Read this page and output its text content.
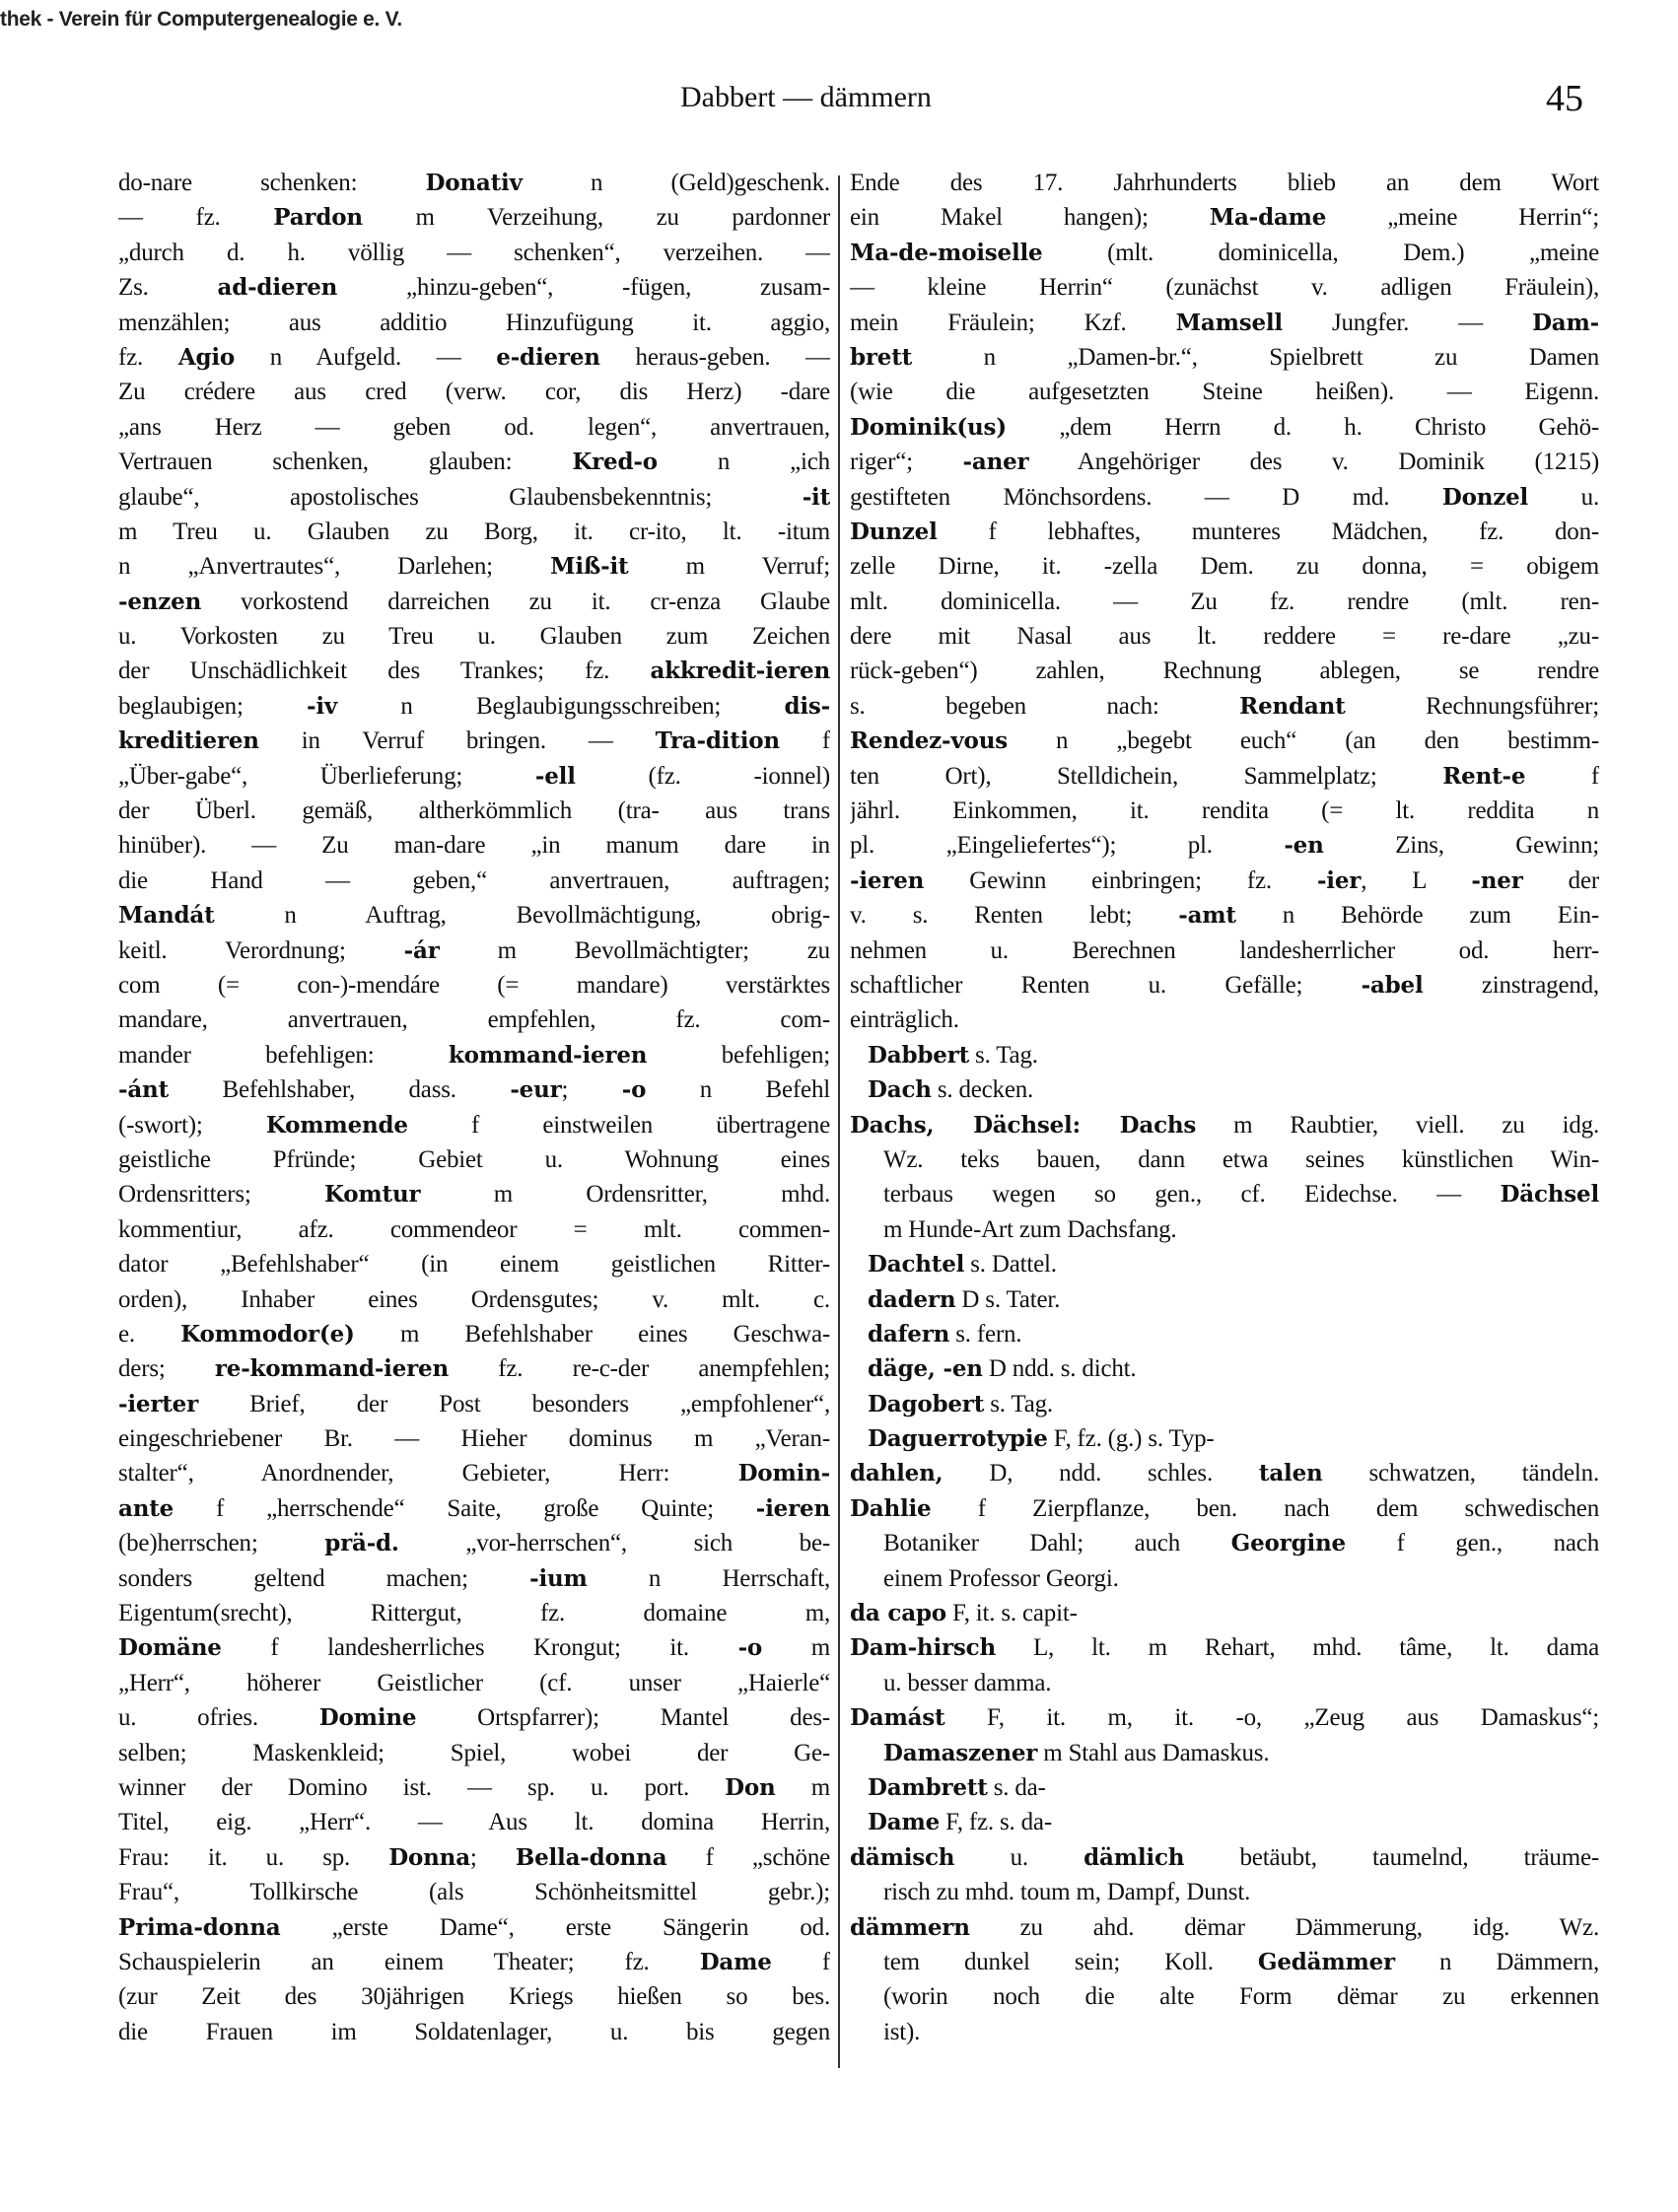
thek - Verein für Computergenealogie e. V.
Dabbert — dämmern	45
do-nare schenken: Donativ n (Geld)geschenk.
— fz. Pardon m Verzeihung, zu pardonner
„durch d. h. völlig — schenken“, verzeihen. —
Zs. ad-dieren „hinzu-geben“, -fügen, zusam-
menzählen; aus additio Hinzufügung it. aggio,
fz. Agio n Aufgeld. — e-dieren heraus-geben. —
Zu crédere aus cred (verw. cor, dis Herz) -dare
„ans Herz — geben od. legen“, anvertrauen,
Vertrauen schenken, glauben: Kred-o n „ich
glaube“, apostolisches Glaubensbekenntnis; -it
m Treu u. Glauben zu Borg, it. cr-ito, lt. -itum
n „Anvertrautes“, Darlehen; Miß-it m Verruf;
-enzen vorkostend darreichen zu it. cr-enza Glaube
u. Vorkosten zu Treu u. Glauben zum Zeichen
der Unschädlichkeit des Trankes; fz. akkredit-ieren
beglaubigen; -iv n Beglaubigungsschreiben; dis-
kreditieren in Verruf bringen. — Tra-dition f
„Über-gabe“, Überlieferung; -ell (fz. -ionnel)
der Überl. gemäß, altherkömmlich (tra- aus trans
hinüber). — Zu man-dare „in manum dare in
die Hand — geben,“ anvertrauen, auftragen;
Mandát n Auftrag, Bevollmächtigung, obrig-
keitl. Verordnung; -ár m Bevollmächtigter; zu
com (= con-)-mendáre (= mandare) verstärktes
mandare, anvertrauen, empfehlen, fz. com-
mander befehligen: kommand-ieren befehligen;
-ánt Befehlshaber, dass. -eur; -o n Befehl
(-swort); Kommende f einstweilen übertragene
geistliche Pfründe; Gebiet u. Wohnung eines
Ordensritters; Komtur m Ordensritter, mhd.
kommentiur, afz. commendeor = mlt. commen-
dator „Befehlshaber“ (in einem geistlichen Ritter-
orden), Inhaber eines Ordensgutes; v. mlt. c.
e. Kommodor(e) m Befehlshaber eines Geschwa-
ders; re-kommand-ieren fz. re-c-der anempfehlen;
-ierter Brief, der Post besonders „empfohlener“,
eingeschriebener Br. — Hieher dominus m „Veran-
stalter“, Anordnender, Gebieter, Herr: Domin-
ante f „herrschende“ Saite, große Quinte; -ieren
(be)herrschen; prä-d. „vor-herrschen“, sich be-
sonders geltend machen; -ium n Herrschaft,
Eigentum(srecht), Rittergut, fz. domaine m,
Domäne f landesherrliches Krongut; it. -o m
„Herr“, höherer Geistlicher (cf. unser „Haierle“
u. ofries. Domine Ortspfarrer); Mantel des-
selben; Maskenkleid; Spiel, wobei der Ge-
winner der Domino ist. — sp. u. port. Don m
Titel, eig. „Herr“. — Aus lt. domina Herrin,
Frau: it. u. sp. Donna; Bella-donna f „schöne
Frau“, Tollkirsche (als Schönheitsmittel gebr.);
Prima-donna „erste Dame“, erste Sängerin od.
Schauspielerin an einem Theater; fz. Dame f
(zur Zeit des 30jährigen Kriegs hießen so bes.
die Frauen im Soldatenlager, u. bis gegen
Ende des 17. Jahrhunderts blieb an dem Wort
ein Makel hangen); Ma-dame „meine Herrin“;
Ma-de-moiselle (mlt. dominicella, Dem.) „meine
— kleine Herrin“ (zunächst v. adligen Fräulein),
mein Fräulein; Kzf. Mamsell Jungfer. — Dam-
brett n „Damen-br.“, Spielbrett zu Damen
(wie die aufgesetzten Steine heißen). — Eigenn.
Dominik(us) „dem Herrn d. h. Christo Gehö-
riger“; -aner Angehöriger des v. Dominik (1215)
gestifteten Mönchsordens. — D md. Donzel u.
Dunzel f lebhaftes, munteres Mädchen, fz. don-
zelle Dirne, it. -zella Dem. zu donna, = obigem
mlt. dominicella. — Zu fz. rendre (mlt. ren-
dere mit Nasal aus lt. reddere = re-dare „zu-
rück-geben“) zahlen, Rechnung ablegen, se rendre
s. begeben nach: Rendant Rechnungsführer;
Rendez-vous n „begebt euch“ (an den bestimm-
ten Ort), Stelldichein, Sammelplatz; Rent-e f
jährl. Einkommen, it. rendita (= lt. reddita n
pl. „Eingeliefertes“); pl. -en Zins, Gewinn;
-ieren Gewinn einbringen; fz. -ier, L -ner der
v. s. Renten lebt; -amt n Behörde zum Ein-
nehmen u. Berechnen landesherrlicher od. herr-
schaftlicher Renten u. Gefälle; -abel zinstragend,
einträglich.
Dabbert s. Tag.
Dach s. decken.
Dachs, Dächsel: Dachs m Raubtier, viell. zu idg.
Wz. teks bauen, dann etwa seines künstlichen Win-
terbaus wegen so gen., cf. Eidechse. — Dächsel
m Hunde-Art zum Dachsfang.
Dachtel s. Dattel.
dadern D s. Tater.
dafern s. fern.
däge, -en D ndd. s. dicht.
Dagobert s. Tag.
Daguerrotypie F, fz. (g.) s. Typ-
dahlen, D, ndd. schles. talen schwatzen, tändeln.
Dahlie f Zierpflanze, ben. nach dem schwedischen
Botaniker Dahl; auch Georgine f gen., nach
einem Professor Georgi.
da capo F, it. s. capit-
Dam-hirsch L, lt. m Rehart, mhd. tâme, lt. dama
u. besser damma.
Damást F, it. m, it. -o, „Zeug aus Damaskus“;
Damaszener m Stahl aus Damaskus.
Dambrett s. da-
Dame F, fz. s. da-
dämisch u. dämlich betäubt, taumelnd, träume-
risch zu mhd. toum m, Dampf, Dunst.
dämmern zu ahd. dëmar Dämmerung, idg. Wz.
tem dunkel sein; Koll. Gedämmer n Dämmern,
(worin noch die alte Form dëmar zu erkennen
ist).
